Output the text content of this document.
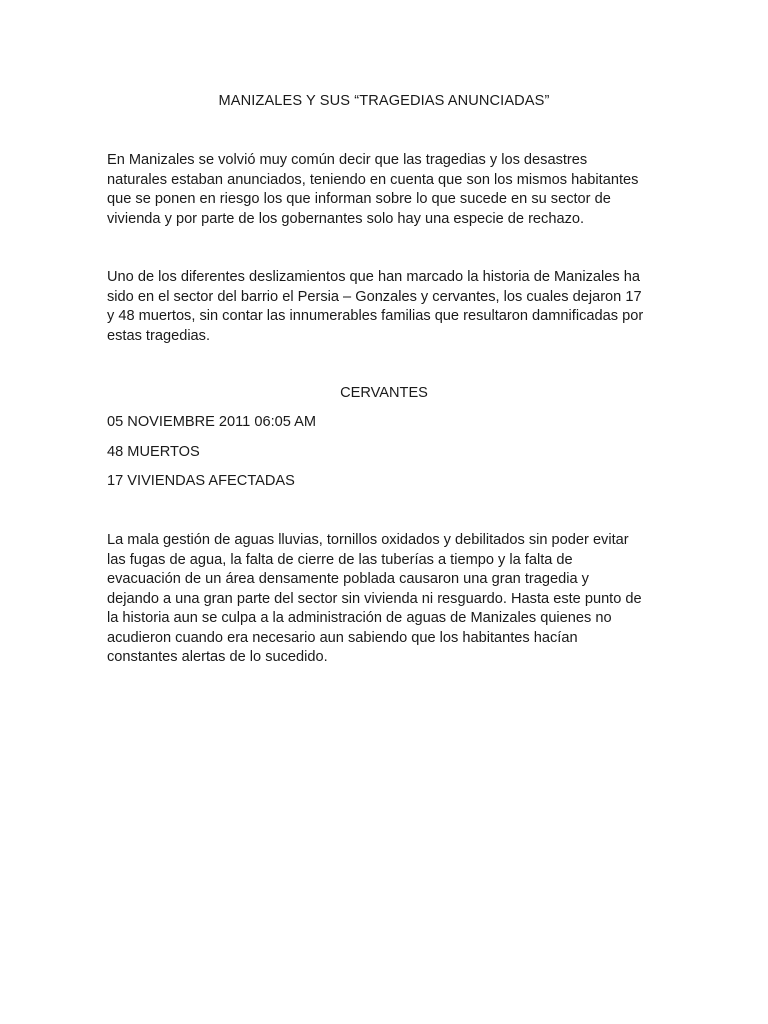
MANIZALES Y SUS “TRAGEDIAS ANUNCIADAS”

En Manizales se volvió muy común decir que las tragedias y los desastres
naturales estaban anunciados, teniendo en cuenta que son los mismos habitantes
que se ponen en riesgo los que informan sobre lo que sucede en su sector de
vivienda y por parte de los gobernantes solo hay una especie de rechazo.

Uno de los diferentes deslizamientos que han marcado la historia de Manizales ha
sido en el sector del barrio el Persia – Gonzales y cervantes, los cuales dejaron 17
y 48 muertos, sin contar las innumerables familias que resultaron damnificadas por
estas tragedias.

CERVANTES
05 NOVIEMBRE 2011 06:05 AM
48 MUERTOS
17 VIVIENDAS AFECTADAS

La mala gestión de aguas lluvias, tornillos oxidados y debilitados sin poder evitar
las fugas de agua, la falta de cierre de las tuberías a tiempo y la falta de
evacuación de un área densamente poblada causaron una gran tragedia y
dejando a una gran parte del sector sin vivienda ni resguardo. Hasta este punto de
la historia aun se culpa a la administración de aguas de Manizales quienes no
acudieron cuando era necesario aun sabiendo que los habitantes hacían
constantes alertas de lo sucedido.
